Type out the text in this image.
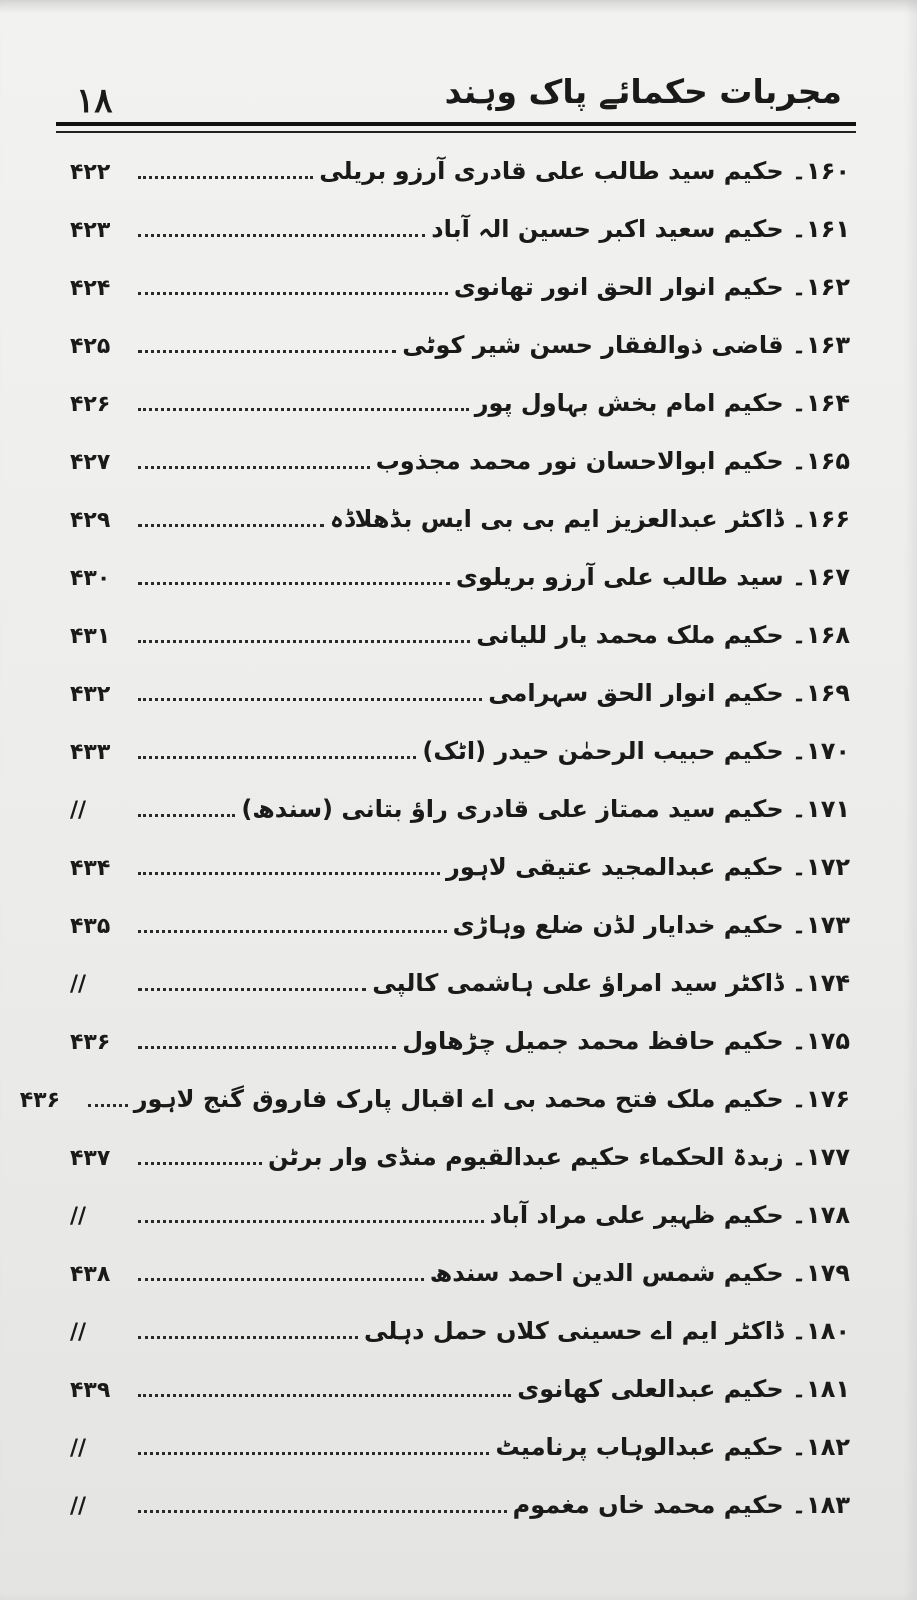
۱۸	مجربات حکمائے پاک وہند
۱۶۰۔ حکیم سید طالب علی قادری آرزو بریلی
۴۲۲
۱۶۱۔ حکیم سعید اکبر حسین الہ آباد
۴۲۳
۱۶۲۔ حکیم انوار الحق انور تھانوی
۴۲۴
۱۶۳۔ قاضی ذوالفقار حسن شیر کوٹی
۴۲۵
۱۶۴۔ حکیم امام بخش بہاول پور
۴۲۶
۱۶۵۔ حکیم ابوالاحسان نور محمد مجذوب
۴۲۷
۱۶۶۔ ڈاکٹر عبدالعزیز ایم بی بی ایس بڈھلاڈہ
۴۲۹
۱۶۷۔ سید طالب علی آرزو بریلوی
۴۳۰
۱۶۸۔ حکیم ملک محمد یار للیانی
۴۳۱
۱۶۹۔ حکیم انوار الحق سہرامی
۴۳۲
۱۷۰۔ حکیم حبیب الرحمٰن حیدر (اٹک)
۴۳۳
۱۷۱۔ حکیم سید ممتاز علی قادری راؤ بتانی (سندھ)
//
۱۷۲۔ حکیم عبدالمجید عتیقی لاہور
۴۳۴
۱۷۳۔ حکیم خدایار لڈن ضلع وہاڑی
۴۳۵
۱۷۴۔ ڈاکٹر سید امراؤ علی ہاشمی کالپی
//
۱۷۵۔ حکیم حافظ محمد جمیل چڑھاول
۴۳۶
۱۷۶۔ حکیم ملک فتح محمد بی اے اقبال پارک فاروق گنج لاہور
۴۳۶
۱۷۷۔ زبدۃ الحکماء حکیم عبدالقیوم منڈی وار برٹن
۴۳۷
۱۷۸۔ حکیم ظہیر علی مراد آباد
//
۱۷۹۔ حکیم شمس الدین احمد سندھ
۴۳۸
۱۸۰۔ ڈاکٹر ایم اے حسینی کلاں حمل دہلی
//
۱۸۱۔ حکیم عبدالعلی کھانوی
۴۳۹
۱۸۲۔ حکیم عبدالوہاب پرنامیٹ
//
۱۸۳۔ حکیم محمد خاں مغموم
//
